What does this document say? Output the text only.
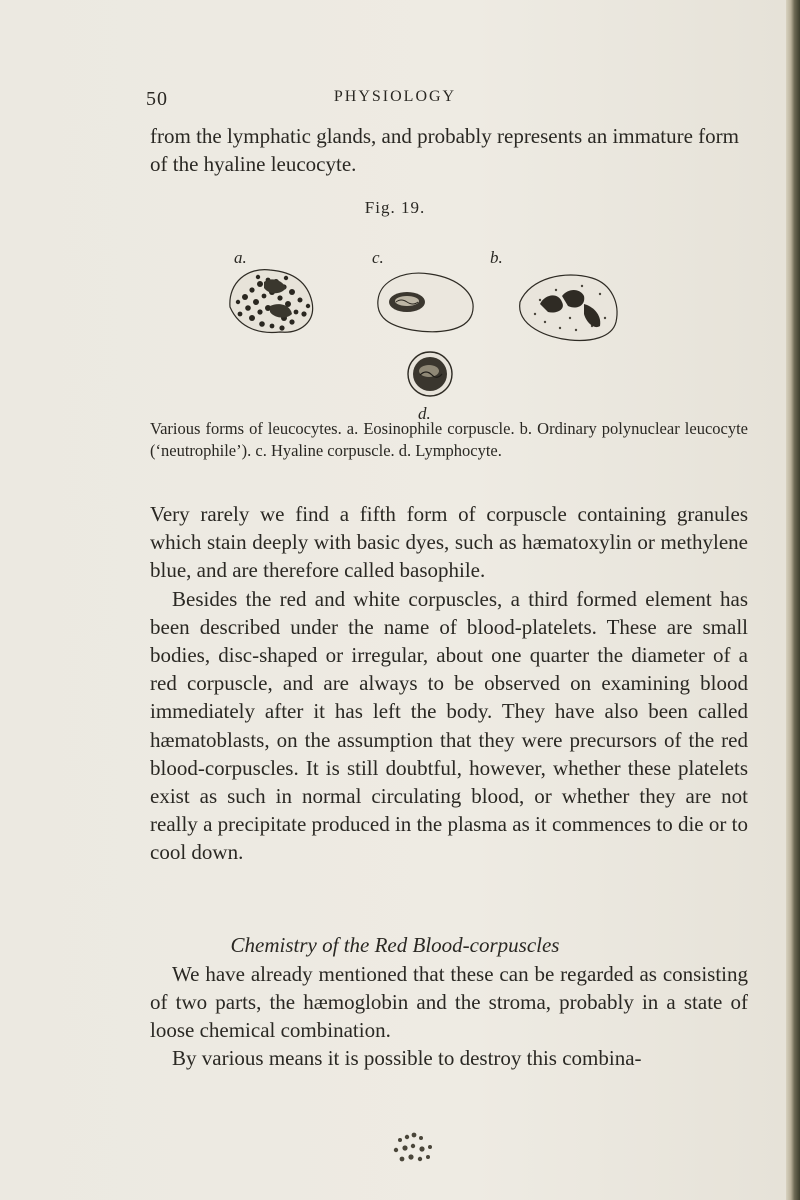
50	PHYSIOLOGY

from the lymphatic glands, and probably represents an immature form of the hyaline leucocyte.

Fig. 19.
a.	c.	b.
d.

Various forms of leucocytes. a. Eosinophile corpuscle. b. Ordinary polynuclear leucocyte (‘neutrophile’). c. Hyaline corpuscle. d. Lymphocyte.

Very rarely we find a fifth form of corpuscle containing granules which stain deeply with basic dyes, such as hæmatoxylin or methylene blue, and are therefore called basophile.

Besides the red and white corpuscles, a third formed element has been described under the name of blood-platelets. These are small bodies, disc-shaped or irregular, about one quarter the diameter of a red corpuscle, and are always to be observed on examining blood immediately after it has left the body. They have also been called hæmatoblasts, on the assumption that they were precursors of the red blood-corpuscles. It is still doubtful, however, whether these platelets exist as such in normal circulating blood, or whether they are not really a precipitate produced in the plasma as it commences to die or to cool down.

Chemistry of the Red Blood-corpuscles

We have already mentioned that these can be regarded as consisting of two parts, the hæmoglobin and the stroma, probably in a state of loose chemical combination.

By various means it is possible to destroy this combina-
